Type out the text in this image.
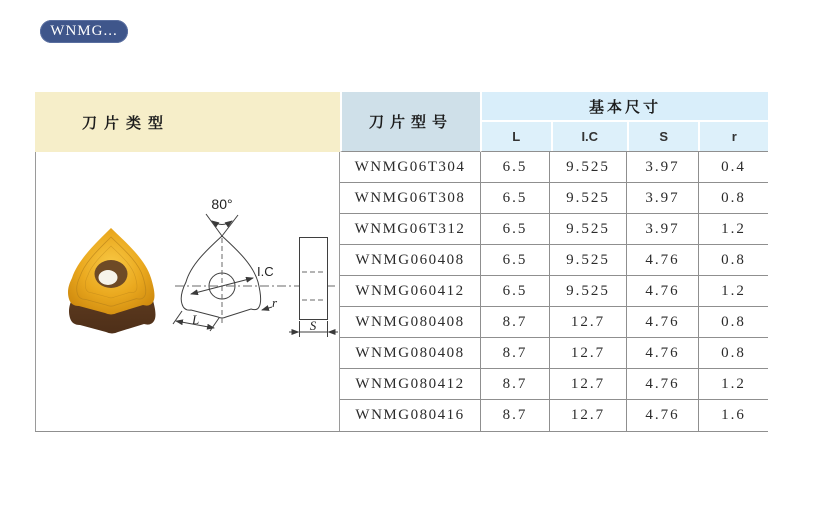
WNMG...
刀片类型	刀片型号
基本尺寸
L	I.C	S	r
80°
I.C
r
L	S
WNMG06T304	6.5	9.525	3.97	0.4
WNMG06T308	6.5	9.525	3.97	0.8
WNMG06T312	6.5	9.525	3.97	1.2
WNMG060408	6.5	9.525	4.76	0.8
WNMG060412	6.5	9.525	4.76	1.2
WNMG080408	8.7	12.7	4.76	0.8
WNMG080408	8.7	12.7	4.76	0.8
WNMG080412	8.7	12.7	4.76	1.2
WNMG080416	8.7	12.7	4.76	1.6
